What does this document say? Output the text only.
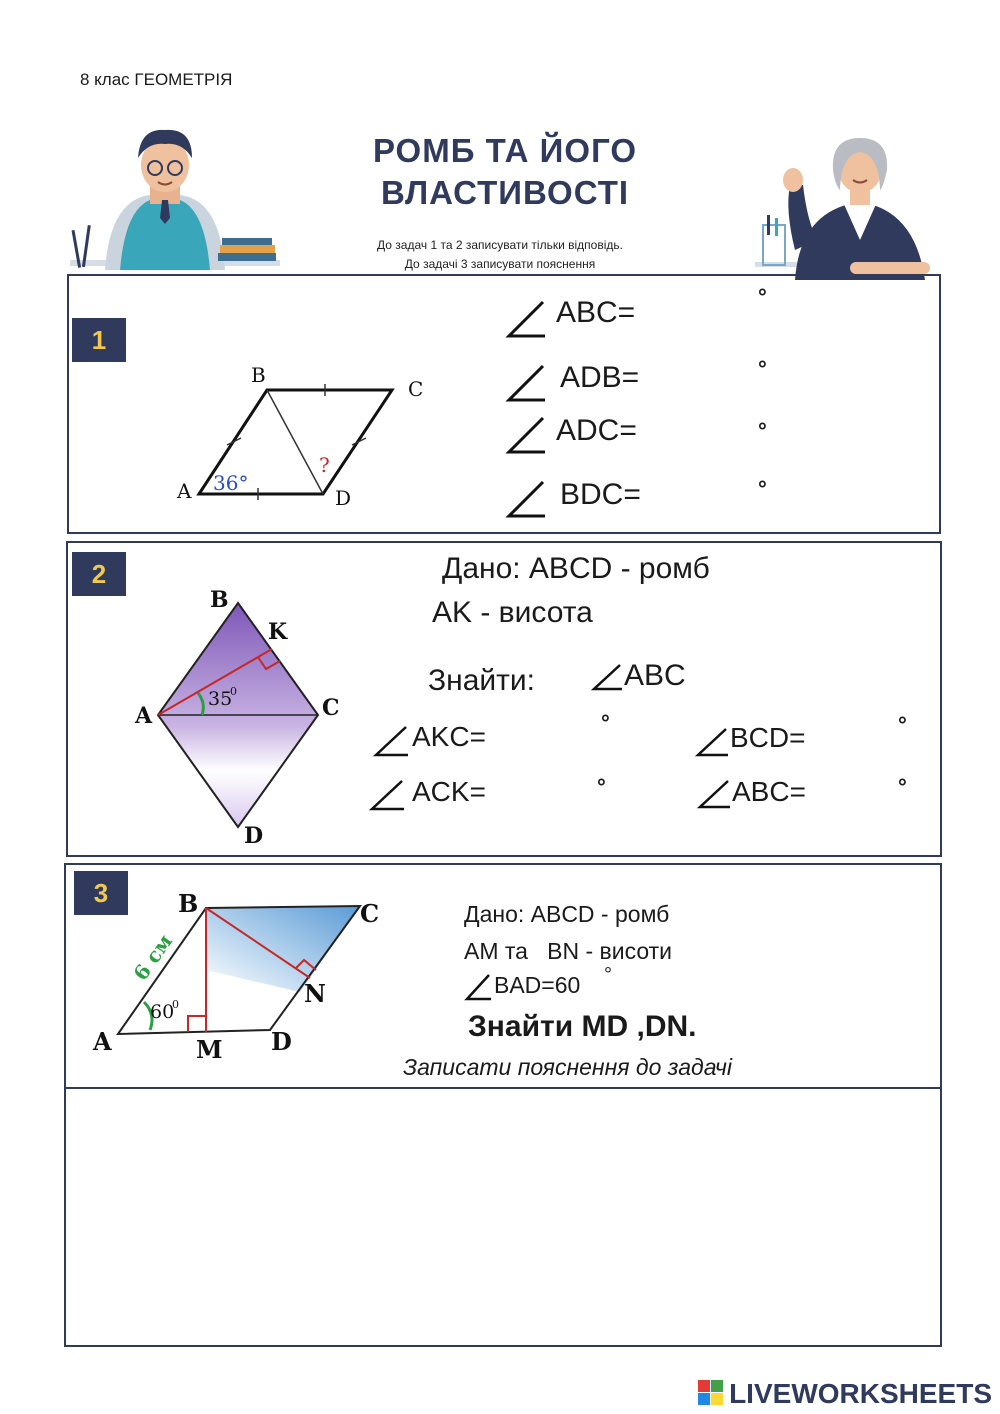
8 клас ГЕОМЕТРІЯ
РОМБ ТА ЙОГО
ВЛАСТИВОСТІ
До задач 1 та 2 записувати тільки відповідь.
До задачі 3 записувати пояснення
1
A
B
C
D
36°
?
ABC=	°
ADB=	°
ADC=	°
BDC=	°
2
A
B
C
D
K
35
0
Дано: ABCD - ромб
AK - висота
Знайти:	ABC
AKC=	°	BCD=	°
ACK=	°	ABC=	°
3
A
B	C
D
M
N
60
0
6 см
Дано: ABCD - ромб
AM та   BN - висоти
BAD=60 °
Знайти MD ,DN.
Записати пояснення до задачі
LIVEWORKSHEETS
